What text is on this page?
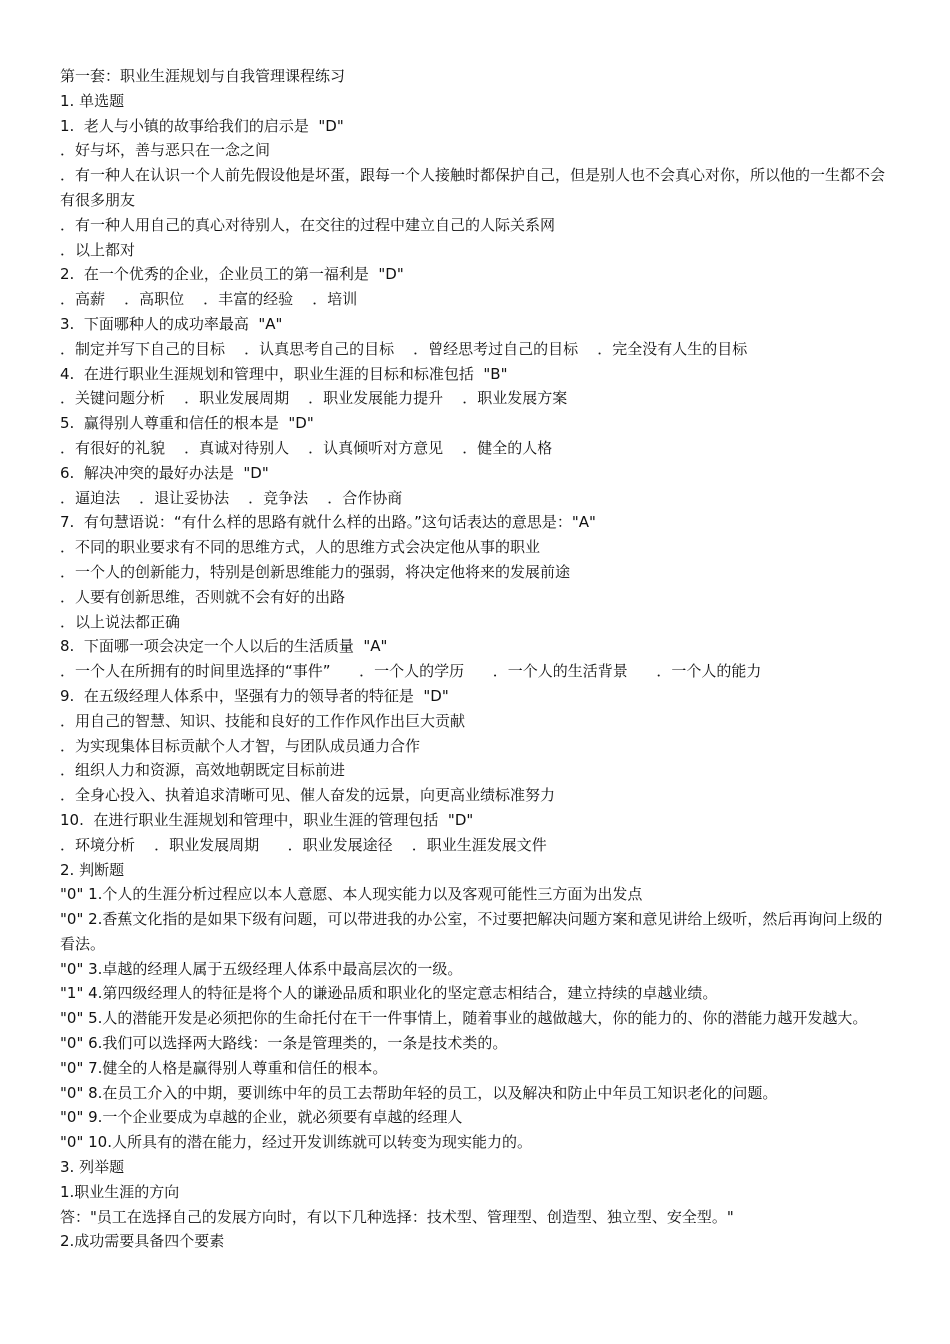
第一套：职业生涯规划与自我管理课程练习
1. 单选题
1.  老人与小镇的故事给我们的启示是  "D"
．好与坏，善与恶只在一念之间
．有一种人在认识一个人前先假设他是坏蛋，跟每一个人接触时都保护自己，但是别人也不会真心对你，所以他的一生都不会有很多朋友
．有一种人用自己的真心对待别人，在交往的过程中建立自己的人际关系网
．以上都对
2.  在一个优秀的企业，企业员工的第一福利是  "D"
．高薪    ．高职位    ．丰富的经验    ．培训
3.  下面哪种人的成功率最高  "A"
．制定并写下自己的目标    ．认真思考自己的目标    ．曾经思考过自己的目标    ．完全没有人生的目标
4.  在进行职业生涯规划和管理中，职业生涯的目标和标准包括  "B"
．关键问题分析    ．职业发展周期    ．职业发展能力提升    ．职业发展方案
5.  赢得别人尊重和信任的根本是  "D"
．有很好的礼貌    ．真诚对待别人    ．认真倾听对方意见    ．健全的人格
6.  解决冲突的最好办法是  "D"
．逼迫法    ．退让妥协法    ．竞争法    ．合作协商
7.  有句慧语说：“有什么样的思路有就什么样的出路。”这句话表达的意思是："A"
．不同的职业要求有不同的思维方式，人的思维方式会决定他从事的职业
．一个人的创新能力，特别是创新思维能力的强弱，将决定他将来的发展前途
．人要有创新思维，否则就不会有好的出路
．以上说法都正确
8.  下面哪一项会决定一个人以后的生活质量  "A"
．一个人在所拥有的时间里选择的“事件”      ．一个人的学历      ．一个人的生活背景      ．一个人的能力
9.  在五级经理人体系中，坚强有力的领导者的特征是  "D"
．用自己的智慧、知识、技能和良好的工作作风作出巨大贡献
．为实现集体目标贡献个人才智，与团队成员通力合作
．组织人力和资源，高效地朝既定目标前进
．全身心投入、执着追求清晰可见、催人奋发的远景，向更高业绩标准努力
10.  在进行职业生涯规划和管理中，职业生涯的管理包括  "D"
．环境分析    ．职业发展周期      ．职业发展途径    ．职业生涯发展文件
2. 判断题
"0" 1.个人的生涯分析过程应以本人意愿、本人现实能力以及客观可能性三方面为出发点
"0" 2.香蕉文化指的是如果下级有问题，可以带进我的办公室，不过要把解决问题方案和意见讲给上级听，然后再询问上级的看法。
"0" 3.卓越的经理人属于五级经理人体系中最高层次的一级。
"1" 4.第四级经理人的特征是将个人的谦逊品质和职业化的坚定意志相结合，建立持续的卓越业绩。
"0" 5.人的潜能开发是必须把你的生命托付在干一件事情上，随着事业的越做越大，你的能力的、你的潜能力越开发越大。
"0" 6.我们可以选择两大路线：一条是管理类的，一条是技术类的。
"0" 7.健全的人格是赢得别人尊重和信任的根本。
"0" 8.在员工介入的中期，要训练中年的员工去帮助年轻的员工，以及解决和防止中年员工知识老化的问题。
"0" 9.一个企业要成为卓越的企业，就必须要有卓越的经理人
"0" 10.人所具有的潜在能力，经过开发训练就可以转变为现实能力的。
3. 列举题
1.职业生涯的方向
答："员工在选择自己的发展方向时，有以下几种选择：技术型、管理型、创造型、独立型、安全型。"
2.成功需要具备四个要素
